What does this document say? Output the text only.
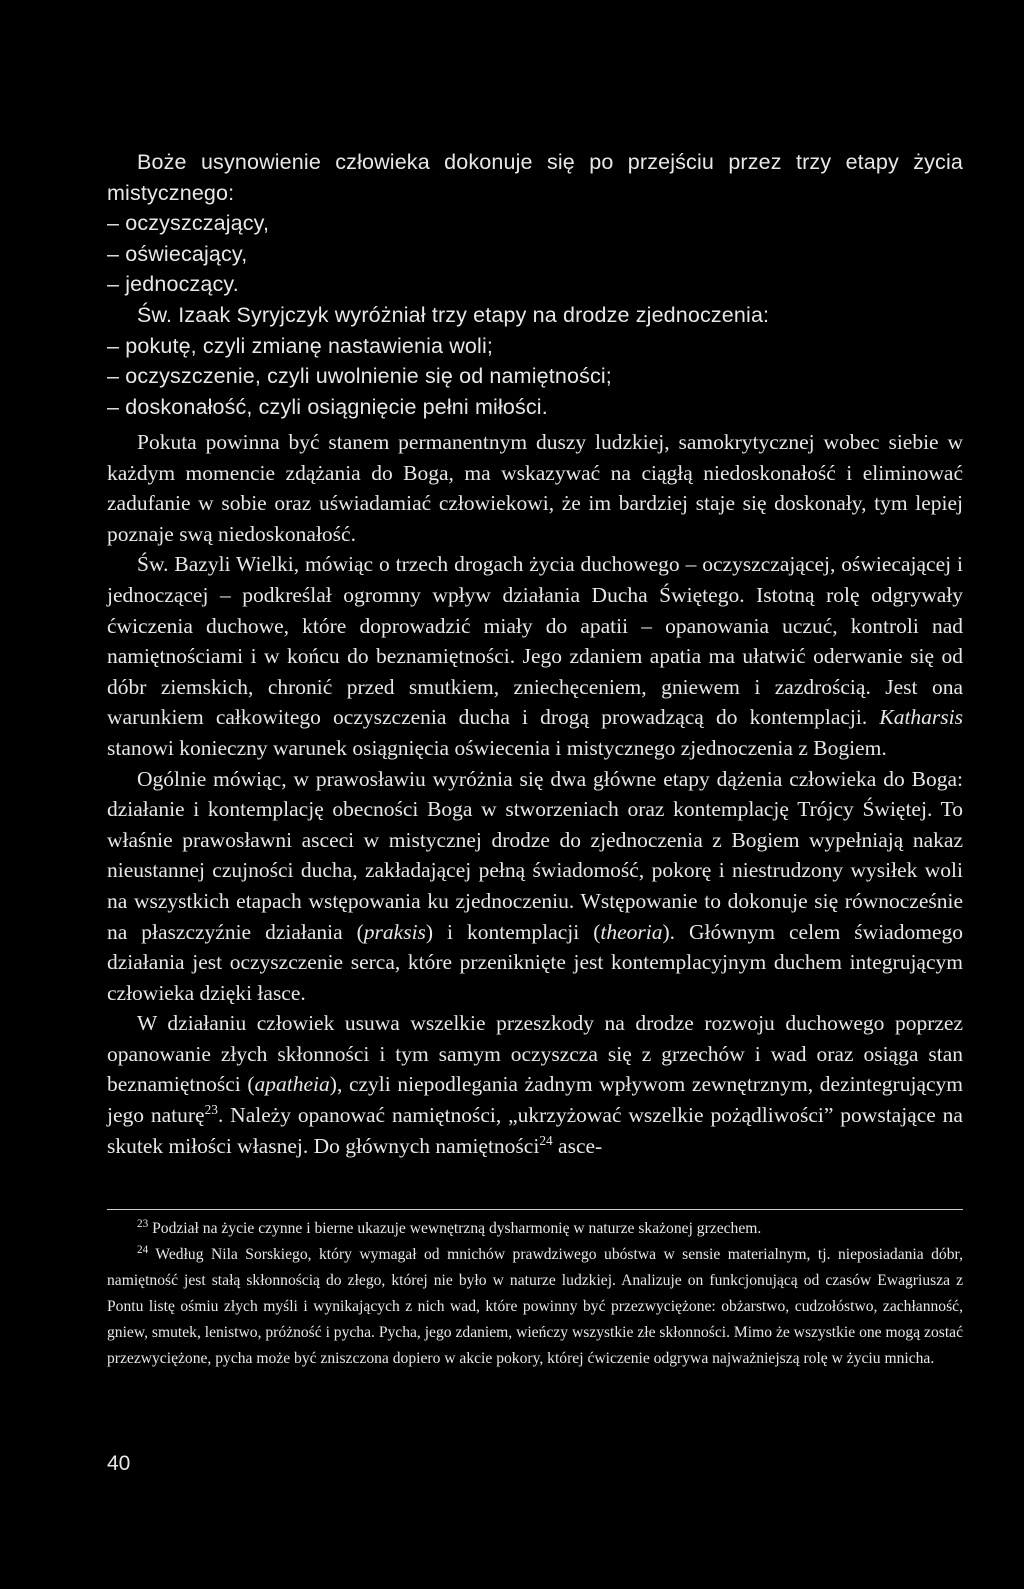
Boże usynowienie człowieka dokonuje się po przejściu przez trzy etapy życia mistycznego:

– oczyszczający,

– oświecający,

– jednoczący.

Św. Izaak Syryjczyk wyróżniał trzy etapy na drodze zjednoczenia:

– pokutę, czyli zmianę nastawienia woli;

– oczyszczenie, czyli uwolnienie się od namiętności;

– doskonałość, czyli osiągnięcie pełni miłości.

Pokuta powinna być stanem permanentnym duszy ludzkiej, samokrytycznej wobec siebie w każdym momencie zdążania do Boga, ma wskazywać na ciągłą niedoskonałość i eliminować zadufanie w sobie oraz uświadamiać człowiekowi, że im bardziej staje się doskonały, tym lepiej poznaje swą niedoskonałość.

Św. Bazyli Wielki, mówiąc o trzech drogach życia duchowego – oczyszczającej, oświecającej i jednoczącej – podkreślał ogromny wpływ działania Ducha Świętego. Istotną rolę odgrywały ćwiczenia duchowe, które doprowadzić miały do apatii – opanowania uczuć, kontroli nad namiętnościami i w końcu do beznamiętności. Jego zdaniem apatia ma ułatwić oderwanie się od dóbr ziemskich, chronić przed smutkiem, zniechęceniem, gniewem i zazdrością. Jest ona warunkiem całkowitego oczyszczenia ducha i drogą prowadzącą do kontemplacji. Katharsis stanowi konieczny warunek osiągnięcia oświecenia i mistycznego zjednoczenia z Bogiem.

Ogólnie mówiąc, w prawosławiu wyróżnia się dwa główne etapy dążenia człowieka do Boga: działanie i kontemplację obecności Boga w stworzeniach oraz kontemplację Trójcy Świętej. To właśnie prawosławni asceci w mistycznej drodze do zjednoczenia z Bogiem wypełniają nakaz nieustannej czujności ducha, zakładającej pełną świadomość, pokorę i niestrudzony wysiłek woli na wszystkich etapach wstępowania ku zjednoczeniu. Wstępowanie to dokonuje się równocześnie na płaszczyźnie działania (praksis) i kontemplacji (theoria). Głównym celem świadomego działania jest oczyszczenie serca, które przeniknięte jest kontemplacyjnym duchem integrującym człowieka dzięki łasce.

W działaniu człowiek usuwa wszelkie przeszkody na drodze rozwoju duchowego poprzez opanowanie złych skłonności i tym samym oczyszcza się z grzechów i wad oraz osiąga stan beznamiętności (apatheia), czyli niepodlegania żadnym wpływom zewnętrznym, dezintegrującym jego naturę$^{23}$. Należy opanować namiętności, „ukrzyżować wszelkie pożądliwości” powstające na skutek miłości własnej. Do głównych namiętności$^{24}$ asce-

$^{23}$ Podział na życie czynne i bierne ukazuje wewnętrzną dysharmonię w naturze skażonej grzechem.

$^{24}$ Według Nila Sorskiego, który wymagał od mnichów prawdziwego ubóstwa w sensie materialnym, tj. nieposiadania dóbr, namiętność jest stałą skłonnością do złego, której nie było w naturze ludzkiej. Analizuje on funkcjonującą od czasów Ewagriusza z Pontu listę ośmiu złych myśli i wynikających z nich wad, które powinny być przezwyciężone: obżarstwo, cudzołóstwo, zachłanność, gniew, smutek, lenistwo, próżność i pycha. Pycha, jego zdaniem, wieńczy wszystkie złe skłonności. Mimo że wszystkie one mogą zostać przezwyciężone, pycha może być zniszczona dopiero w akcie pokory, której ćwiczenie odgrywa najważniejszą rolę w życiu mnicha.

40
